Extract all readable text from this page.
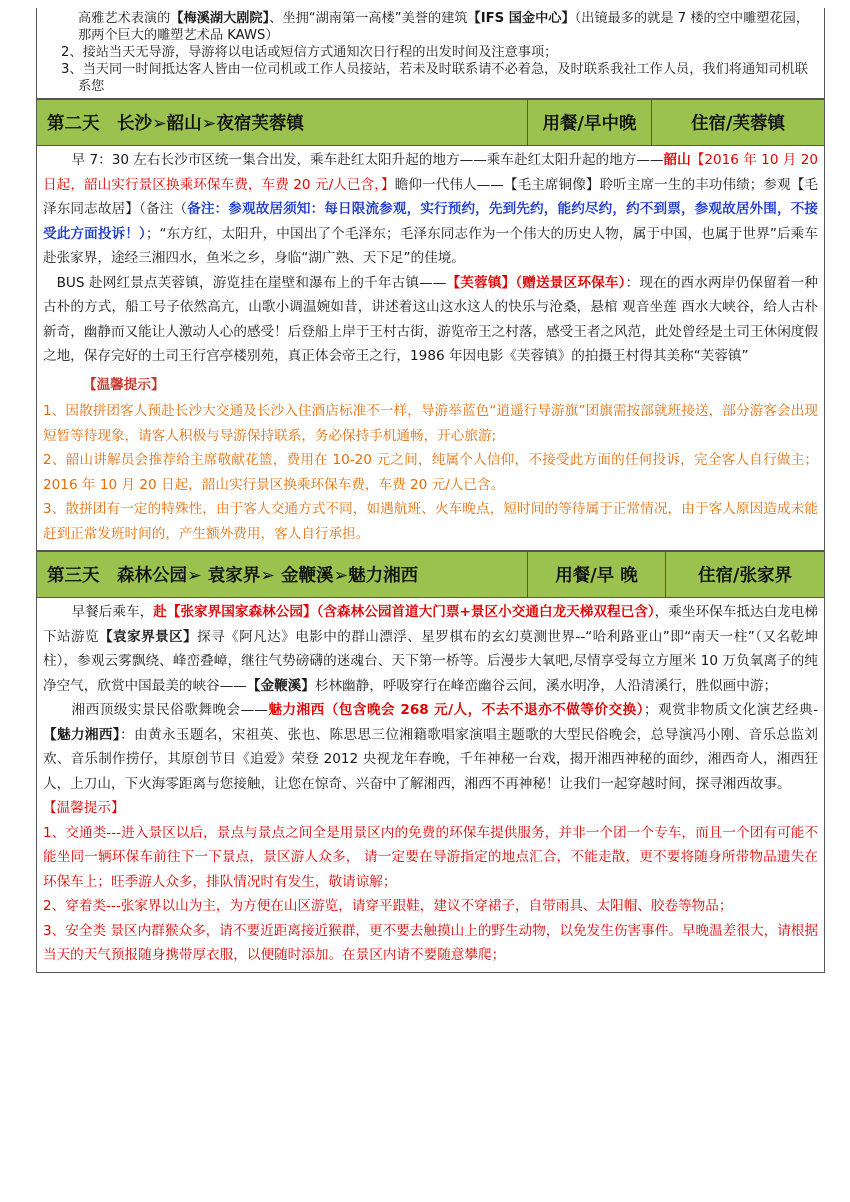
高雅艺术表演的【梅溪湖大剧院】、坐拥“湖南第一高楼”美誉的建筑【IFS 国金中心】（出镜最多的就是 7 楼的空中雕塑花园，那两个巨大的雕塑艺术品 KAWS）
2、接站当天无导游，导游将以电话或短信方式通知次日行程的出发时间及注意事项；
3、当天同一时间抵达客人皆由一位司机或工作人员接站，若未及时联系请不必着急，及时联系我社工作人员，我们将通知司机联系您
第二天　长沙➢韶山➢夜宿芙蓉镇	用餐/早中晚	住宿/芙蓉镇

早 7：30 左右长沙市区统一集合出发，乘车赴红太阳升起的地方——乘车赴红太阳升起的地方——韶山【2016 年 10 月 20 日起，韶山实行景区换乘环保车费，车费 20 元/人已含，】瞻仰一代伟人——【毛主席铜像】聆听主席一生的丰功伟绩；参观【毛泽东同志故居】（备注（备注：参观故居须知：每日限流参观，实行预约，先到先约，能约尽约，约不到票，参观故居外围，不接受此方面投诉！）；“东方红，太阳升，中国出了个毛泽东；毛泽东同志作为一个伟大的历史人物，属于中国，也属于世界”后乘车赴张家界，途经三湘四水，鱼米之乡，身临“湖广熟、天下足”的佳境。

BUS 赴网红景点芙蓉镇，游览挂在崖壁和瀑布上的千年古镇——【芙蓉镇】（赠送景区环保车）：现在的酉水两岸仍保留着一种古朴的方式，船工号子依然高亢，山歌小调温婉如昔，讲述着这山这水这人的快乐与沧桑，悬棺 观音坐莲 酉水大峡谷，给人古朴新奇，幽静而又能让人激动人心的感受！后登船上岸于王村古街，游览帝王之村落，感受王者之风范，此处曾经是土司王休闲度假之地，保存完好的土司王行宫亭楼别苑，真正体会帝王之行，1986 年因电影《芙蓉镇》的拍摄王村得其美称“芙蓉镇”

【温馨提示】

1、因散拼团客人预赴长沙大交通及长沙入住酒店标准不一样，导游举蓝色“逍遥行导游旗”团旗需按部就班接送，部分游客会出现短暂等待现象，请客人积极与导游保持联系，务必保持手机通畅，开心旅游;

2、韶山讲解员会推荐给主席敬献花篮，费用在 10-20 元之间，纯属个人信仰，不接受此方面的任何投诉，完全客人自行做主；2016 年 10 月 20 日起，韶山实行景区换乘环保车费，车费 20 元/人已含。

3、散拼团有一定的特殊性，由于客人交通方式不同，如遇航班、火车晚点，短时间的等待属于正常情况，由于客人原因造成未能赶到正常发班时间的，产生额外费用，客人自行承担。

第三天　森林公园➢ 袁家界➢ 金鞭溪➢魅力湘西	用餐/早 晚	住宿/张家界

早餐后乘车，赴【张家界国家森林公园】（含森林公园首道大门票+景区小交通白龙天梯双程已含），乘坐环保车抵达白龙电梯下站游览【袁家界景区】探寻《阿凡达》电影中的群山漂浮、星罗棋布的玄幻莫测世界--“哈利路亚山”即“南天一柱”（又名乾坤柱），参观云雾飘绕、峰峦叠嶂，继往气势磅礴的迷魂台、天下第一桥等。后漫步大氧吧,尽情享受每立方厘米 10 万负氧离子的纯净空气，欣赏中国最美的峡谷——【金鞭溪】杉林幽静，呼吸穿行在峰峦幽谷云间，溪水明净，人沿清溪行，胜似画中游；

湘西顶级实景民俗歌舞晚会——魅力湘西（包含晚会 268 元/人，不去不退亦不做等价交换）；观赏非物质文化演艺经典-【魅力湘西】：由黄永玉题名，宋祖英、张也、陈思思三位湘籍歌唱家演唱主题歌的大型民俗晚会，总导演冯小刚、音乐总监刘欢、音乐制作捞仔，其原创节目《追爱》荣登 2012 央视龙年春晚，千年神秘一台戏，揭开湘西神秘的面纱，湘西奇人，湘西狂人，上刀山，下火海零距离与您接触，让您在惊奇、兴奋中了解湘西，湘西不再神秘！让我们一起穿越时间，探寻湘西故事。

【温馨提示】

1、交通类---进入景区以后，景点与景点之间全是用景区内的免费的环保车提供服务，并非一个团一个专车，而且一个团有可能不能坐同一辆环保车前往下一下景点，景区游人众多， 请一定要在导游指定的地点汇合，不能走散，更不要将随身所带物品遗失在环保车上；旺季游人众多，排队情况时有发生，敬请谅解；

2、穿着类---张家界以山为主，为方便在山区游览，请穿平跟鞋，建议不穿裙子，自带雨具、太阳帽、胶卷等物品；

3、安全类 景区内群猴众多，请不要近距离接近猴群，更不要去触摸山上的野生动物，以免发生伤害事件。早晚温差很大，请根据当天的天气预报随身携带厚衣服，以便随时添加。在景区内请不要随意攀爬；
